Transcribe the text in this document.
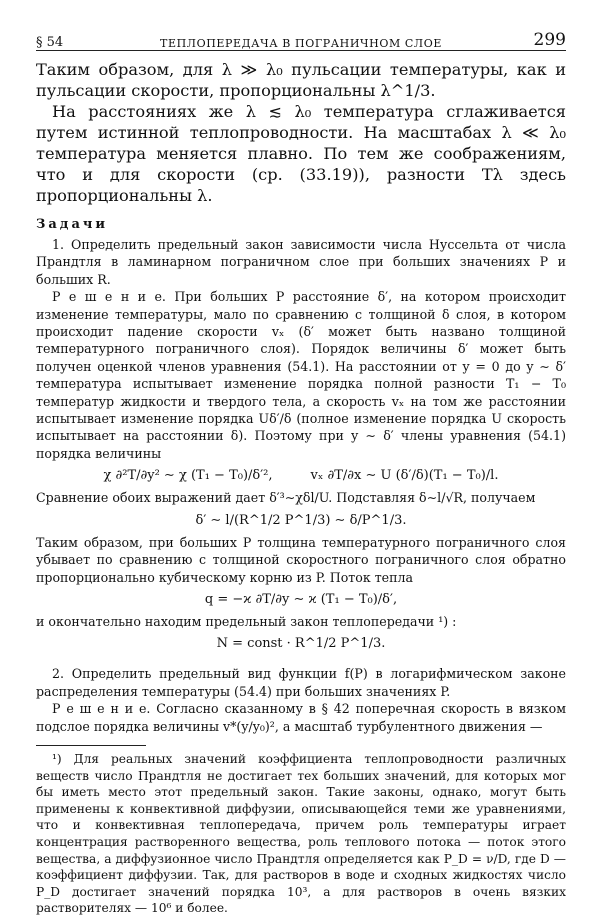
§ 54	ТЕПЛОПЕРЕДАЧА В ПОГРАНИЧНОМ СЛОЕ	299

Таким образом, для λ ≫ λ₀ пульсации температуры, как и пульсации скорости, пропорциональны λ^1/3.

На расстояниях же λ ≲ λ₀ температура сглаживается путем истинной теплопроводности. На масштабах λ ≪ λ₀ температура меняется плавно. По тем же соображениям, что и для скорости (ср. (33.19)), разности Tλ здесь пропорциональны λ.

Задачи

1. Определить предельный закон зависимости числа Нуссельта от числа Прандтля в ламинарном пограничном слое при больших значениях P и больших R.

Р е ш е н и е. При больших P расстояние δ′, на котором происходит изменение температуры, мало по сравнению с толщиной δ слоя, в котором происходит падение скорости vₓ (δ′ может быть названо толщиной температурного пограничного слоя). Порядок величины δ′ может быть получен оценкой членов уравнения (54.1). На расстоянии от y = 0 до y ∼ δ′ температура испытывает изменение порядка полной разности T₁ − T₀ температур жидкости и твердого тела, а скорость vₓ на том же расстоянии испытывает изменение порядка Uδ′/δ (полное изменение порядка U скорость испытывает на расстоянии δ). Поэтому при y ∼ δ′ члены уравнения (54.1) порядка величины

χ ∂²T/∂y² ∼ χ (T₁ − T₀)/δ′²,	vₓ ∂T/∂x ∼ U (δ′/δ)(T₁ − T₀)/l.

Сравнение обоих выражений дает δ′³∼χδl/U. Подставляя δ∼l/√R, получаем

δ′ ∼ l/(R^1/2 P^1/3) ∼ δ/P^1/3.

Таким образом, при больших P толщина температурного пограничного слоя убывает по сравнению с толщиной скоростного пограничного слоя обратно пропорционально кубическому корню из P. Поток тепла

q = −ϰ ∂T/∂y ∼ ϰ (T₁ − T₀)/δ′,

и окончательно находим предельный закон теплопередачи ¹) :

N = const · R^1/2 P^1/3.

2. Определить предельный вид функции f(P) в логарифмическом законе распределения температуры (54.4) при больших значениях P.

Р е ш е н и е. Согласно сказанному в § 42 поперечная скорость в вязком подслое порядка величины v*(y/y₀)², а масштаб турбулентного движения —

¹) Для реальных значений коэффициента теплопроводности различных веществ число Прандтля не достигает тех больших значений, для которых мог бы иметь место этот предельный закон. Такие законы, однако, могут быть применены к конвективной диффузии, описывающейся теми же уравнениями, что и конвективная теплопередача, причем роль температуры играет концентрация растворенного вещества, роль теплового потока — поток этого вещества, а диффузионное число Прандтля определяется как P_D = ν/D, где D — коэффициент диффузии. Так, для растворов в воде и сходных жидкостях число P_D достигает значений порядка 10³, а для растворов в очень вязких растворителях — 10⁶ и более.
